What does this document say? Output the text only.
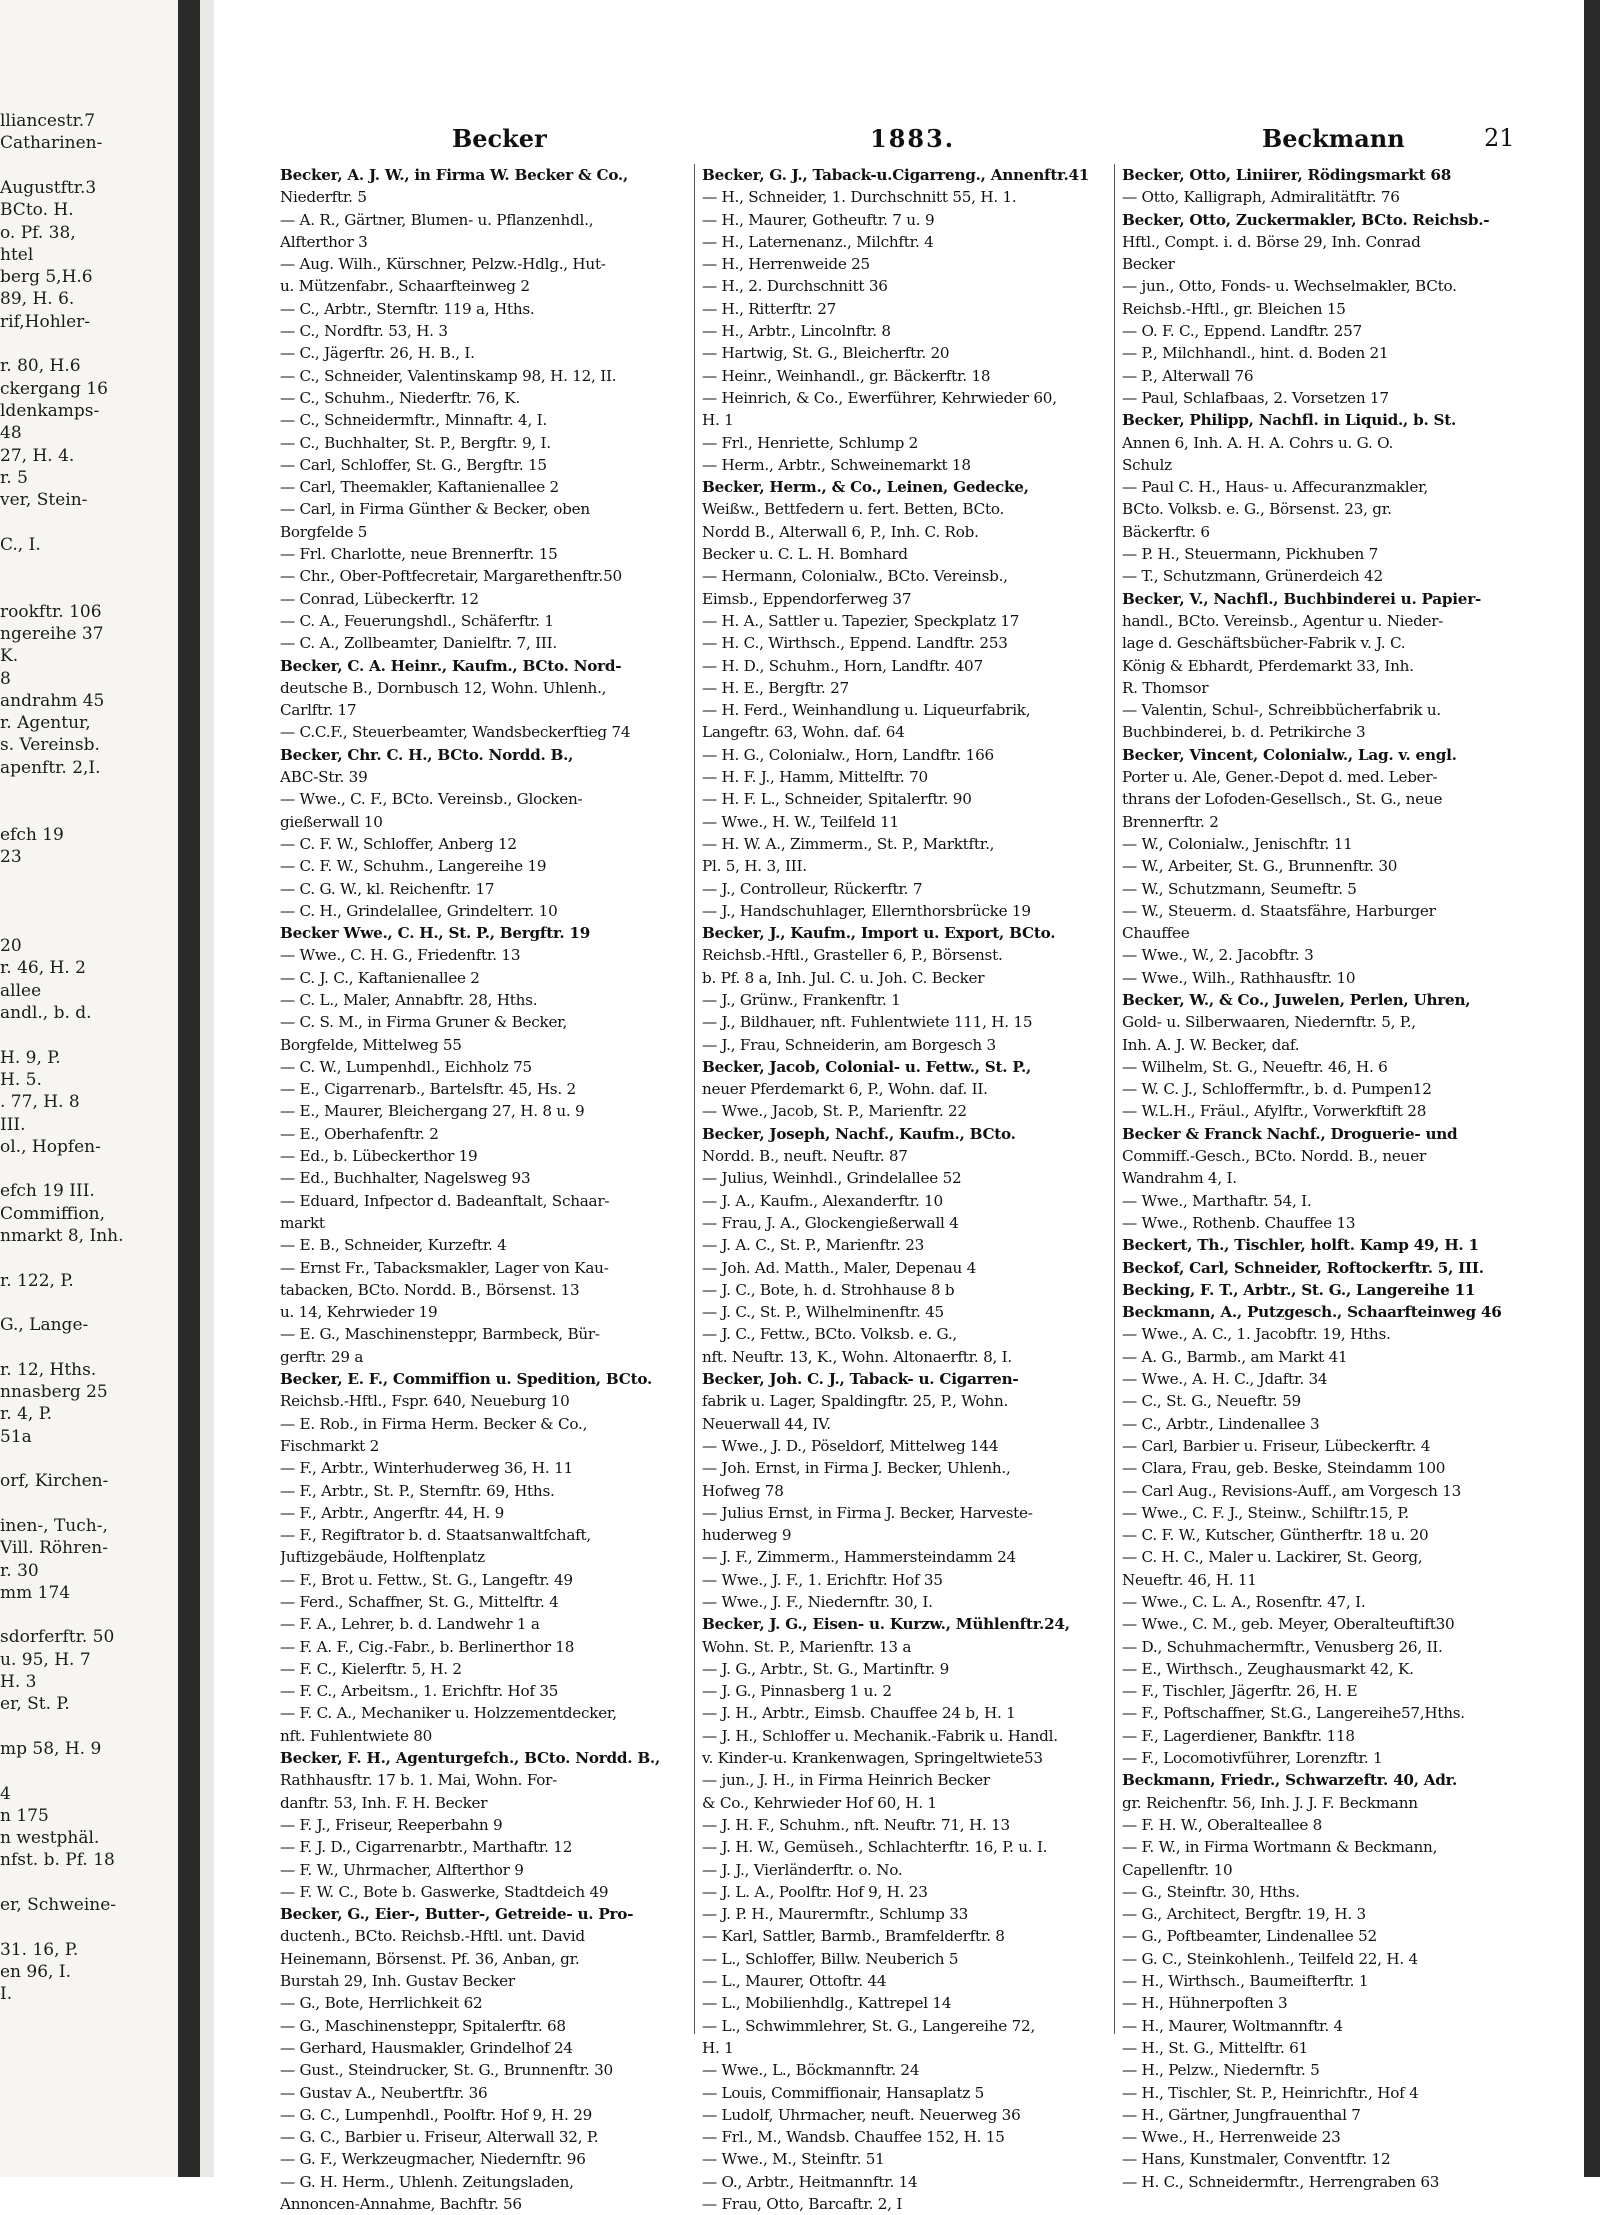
lliancestr.7
Catharinen-
Augustftr.3
BCto. H.
o. Pf. 38,
htel
berg 5,H.6
89, H. 6.
rif,Hohler-
r. 80, H.6
ckergang 16
ldenkamps-
48
27, H. 4.
r. 5
ver, Stein-
C., I.
rookftr. 106
ngereihe 37
K.
8
andrahm 45
r. Agentur,
s. Vereinsb.
apenftr. 2,I.
efch 19
23
20
r. 46, H. 2
allee
andl., b. d.
H. 9, P.
H. 5.
. 77, H. 8
III.
ol., Hopfen-
efch 19 III.
Commiffion,
nmarkt 8, Inh.
r. 122, P.
G., Lange-
r. 12, Hths.
nnasberg 25
r. 4, P.
51a
orf, Kirchen-
inen-, Tuch-,
Vill. Röhren-
r. 30
mm 174
sdorferftr. 50
u. 95, H. 7
H. 3
er, St. P.
mp 58, H. 9
4
n 175
n westphäl.
nfst. b. Pf. 18
er, Schweine-
31. 16, P.
en 96, I.
I.
Becker	1883.	Beckmann	21
Becker, A. J. W., in Firma W. Becker & Co.,
Niederftr. 5
— A. R., Gärtner, Blumen- u. Pflanzenhdl.,
Alfterthor 3
— Aug. Wilh., Kürschner, Pelzw.-Hdlg., Hut-
u. Mützenfabr., Schaarfteinweg 2
— C., Arbtr., Sternftr. 119 a, Hths.
— C., Nordftr. 53, H. 3
— C., Jägerftr. 26, H. B., I.
— C., Schneider, Valentinskamp 98, H. 12, II.
— C., Schuhm., Niederftr. 76, K.
— C., Schneidermftr., Minnaftr. 4, I.
— C., Buchhalter, St. P., Bergftr. 9, I.
— Carl, Schloffer, St. G., Bergftr. 15
— Carl, Theemakler, Kaftanienallee 2
— Carl, in Firma Günther & Becker, oben
Borgfelde 5
— Frl. Charlotte, neue Brennerftr. 15
— Chr., Ober-Poftfecretair, Margarethenftr.50
— Conrad, Lübeckerftr. 12
— C. A., Feuerungshdl., Schäferftr. 1
— C. A., Zollbeamter, Danielftr. 7, III.
Becker, C. A. Heinr., Kaufm., BCto. Nord-
deutsche B., Dornbusch 12, Wohn. Uhlenh.,
Carlftr. 17
— C.C.F., Steuerbeamter, Wandsbeckerftieg 74
Becker, Chr. C. H., BCto. Nordd. B.,
ABC-Str. 39
— Wwe., C. F., BCto. Vereinsb., Glocken-
gießerwall 10
— C. F. W., Schloffer, Anberg 12
— C. F. W., Schuhm., Langereihe 19
— C. G. W., kl. Reichenftr. 17
— C. H., Grindelallee, Grindelterr. 10
Becker Wwe., C. H., St. P., Bergftr. 19
— Wwe., C. H. G., Friedenftr. 13
— C. J. C., Kaftanienallee 2
— C. L., Maler, Annabftr. 28, Hths.
— C. S. M., in Firma Gruner & Becker,
Borgfelde, Mittelweg 55
— C. W., Lumpenhdl., Eichholz 75
— E., Cigarrenarb., Bartelsftr. 45, Hs. 2
— E., Maurer, Bleichergang 27, H. 8 u. 9
— E., Oberhafenftr. 2
— Ed., b. Lübeckerthor 19
— Ed., Buchhalter, Nagelsweg 93
— Eduard, Infpector d. Badeanftalt, Schaar-
markt
— E. B., Schneider, Kurzeftr. 4
— Ernst Fr., Tabacksmakler, Lager von Kau-
tabacken, BCto. Nordd. B., Börsenst. 13
u. 14, Kehrwieder 19
— E. G., Maschinensteppr, Barmbeck, Bür-
gerftr. 29 a
Becker, E. F., Commiffion u. Spedition, BCto.
Reichsb.-Hftl., Fspr. 640, Neueburg 10
— E. Rob., in Firma Herm. Becker & Co.,
Fischmarkt 2
— F., Arbtr., Winterhuderweg 36, H. 11
— F., Arbtr., St. P., Sternftr. 69, Hths.
— F., Arbtr., Angerftr. 44, H. 9
— F., Regiftrator b. d. Staatsanwaltfchaft,
Juftizgebäude, Holftenplatz
— F., Brot u. Fettw., St. G., Langeftr. 49
— Ferd., Schaffner, St. G., Mittelftr. 4
— F. A., Lehrer, b. d. Landwehr 1 a
— F. A. F., Cig.-Fabr., b. Berlinerthor 18
— F. C., Kielerftr. 5, H. 2
— F. C., Arbeitsm., 1. Erichftr. Hof 35
— F. C. A., Mechaniker u. Holzzementdecker,
nft. Fuhlentwiete 80
Becker, F. H., Agenturgefch., BCto. Nordd. B.,
Rathhausftr. 17 b. 1. Mai, Wohn. For-
danftr. 53, Inh. F. H. Becker
— F. J., Friseur, Reeperbahn 9
— F. J. D., Cigarrenarbtr., Marthaftr. 12
— F. W., Uhrmacher, Alfterthor 9
— F. W. C., Bote b. Gaswerke, Stadtdeich 49
Becker, G., Eier-, Butter-, Getreide- u. Pro-
ductenh., BCto. Reichsb.-Hftl. unt. David
Heinemann, Börsenst. Pf. 36, Anban, gr.
Burstah 29, Inh. Gustav Becker
— G., Bote, Herrlichkeit 62
— G., Maschinensteppr, Spitalerftr. 68
— Gerhard, Hausmakler, Grindelhof 24
— Gust., Steindrucker, St. G., Brunnenftr. 30
— Gustav A., Neubertftr. 36
— G. C., Lumpenhdl., Poolftr. Hof 9, H. 29
— G. C., Barbier u. Friseur, Alterwall 32, P.
— G. F., Werkzeugmacher, Niedernftr. 96
— G. H. Herm., Uhlenh. Zeitungsladen,
Annoncen-Annahme, Bachftr. 56
Becker, G. J., Taback-u.Cigarreng., Annenftr.41
— H., Schneider, 1. Durchschnitt 55, H. 1.
— H., Maurer, Gotheuftr. 7 u. 9
— H., Laternenanz., Milchftr. 4
— H., Herrenweide 25
— H., 2. Durchschnitt 36
— H., Ritterftr. 27
— H., Arbtr., Lincolnftr. 8
— Hartwig, St. G., Bleicherftr. 20
— Heinr., Weinhandl., gr. Bäckerftr. 18
— Heinrich, & Co., Ewerführer, Kehrwieder 60,
H. 1
— Frl., Henriette, Schlump 2
— Herm., Arbtr., Schweinemarkt 18
Becker, Herm., & Co., Leinen, Gedecke,
Weißw., Bettfedern u. fert. Betten, BCto.
Nordd B., Alterwall 6, P., Inh. C. Rob.
Becker u. C. L. H. Bomhard
— Hermann, Colonialw., BCto. Vereinsb.,
Eimsb., Eppendorferweg 37
— H. A., Sattler u. Tapezier, Speckplatz 17
— H. C., Wirthsch., Eppend. Landftr. 253
— H. D., Schuhm., Horn, Landftr. 407
— H. E., Bergftr. 27
— H. Ferd., Weinhandlung u. Liqueurfabrik,
Langeftr. 63, Wohn. daf. 64
— H. G., Colonialw., Horn, Landftr. 166
— H. F. J., Hamm, Mittelftr. 70
— H. F. L., Schneider, Spitalerftr. 90
— Wwe., H. W., Teilfeld 11
— H. W. A., Zimmerm., St. P., Marktftr.,
Pl. 5, H. 3, III.
— J., Controlleur, Rückerftr. 7
— J., Handschuhlager, Ellernthorsbrücke 19
Becker, J., Kaufm., Import u. Export, BCto.
Reichsb.-Hftl., Grasteller 6, P., Börsenst.
b. Pf. 8 a, Inh. Jul. C. u. Joh. C. Becker
— J., Grünw., Frankenftr. 1
— J., Bildhauer, nft. Fuhlentwiete 111, H. 15
— J., Frau, Schneiderin, am Borgesch 3
Becker, Jacob, Colonial- u. Fettw., St. P.,
neuer Pferdemarkt 6, P., Wohn. daf. II.
— Wwe., Jacob, St. P., Marienftr. 22
Becker, Joseph, Nachf., Kaufm., BCto.
Nordd. B., neuft. Neuftr. 87
— Julius, Weinhdl., Grindelallee 52
— J. A., Kaufm., Alexanderftr. 10
— Frau, J. A., Glockengießerwall 4
— J. A. C., St. P., Marienftr. 23
— Joh. Ad. Matth., Maler, Depenau 4
— J. C., Bote, h. d. Strohhause 8 b
— J. C., St. P., Wilhelminenftr. 45
— J. C., Fettw., BCto. Volksb. e. G.,
nft. Neuftr. 13, K., Wohn. Altonaerftr. 8, I.
Becker, Joh. C. J., Taback- u. Cigarren-
fabrik u. Lager, Spaldingftr. 25, P., Wohn.
Neuerwall 44, IV.
— Wwe., J. D., Pöseldorf, Mittelweg 144
— Joh. Ernst, in Firma J. Becker, Uhlenh.,
Hofweg 78
— Julius Ernst, in Firma J. Becker, Harveste-
huderweg 9
— J. F., Zimmerm., Hammersteindamm 24
— Wwe., J. F., 1. Erichftr. Hof 35
— Wwe., J. F., Niedernftr. 30, I.
Becker, J. G., Eisen- u. Kurzw., Mühlenftr.24,
Wohn. St. P., Marienftr. 13 a
— J. G., Arbtr., St. G., Martinftr. 9
— J. G., Pinnasberg 1 u. 2
— J. H., Arbtr., Eimsb. Chauffee 24 b, H. 1
— J. H., Schloffer u. Mechanik.-Fabrik u. Handl.
v. Kinder-u. Krankenwagen, Springeltwiete53
— jun., J. H., in Firma Heinrich Becker
& Co., Kehrwieder Hof 60, H. 1
— J. H. F., Schuhm., nft. Neuftr. 71, H. 13
— J. H. W., Gemüseh., Schlachterftr. 16, P. u. I.
— J. J., Vierländerftr. o. No.
— J. L. A., Poolftr. Hof 9, H. 23
— J. P. H., Maurermftr., Schlump 33
— Karl, Sattler, Barmb., Bramfelderftr. 8
— L., Schloffer, Billw. Neuberich 5
— L., Maurer, Ottoftr. 44
— L., Mobilienhdlg., Kattrepel 14
— L., Schwimmlehrer, St. G., Langereihe 72,
H. 1
— Wwe., L., Böckmannftr. 24
— Louis, Commiffionair, Hansaplatz 5
— Ludolf, Uhrmacher, neuft. Neuerweg 36
— Frl., M., Wandsb. Chauffee 152, H. 15
— Wwe., M., Steinftr. 51
— O., Arbtr., Heitmannftr. 14
— Frau, Otto, Barcaftr. 2, I
Becker, Otto, Liniirer, Rödingsmarkt 68
— Otto, Kalligraph, Admiralitätftr. 76
Becker, Otto, Zuckermakler, BCto. Reichsb.-
Hftl., Compt. i. d. Börse 29, Inh. Conrad
Becker
— jun., Otto, Fonds- u. Wechselmakler, BCto.
Reichsb.-Hftl., gr. Bleichen 15
— O. F. C., Eppend. Landftr. 257
— P., Milchhandl., hint. d. Boden 21
— P., Alterwall 76
— Paul, Schlafbaas, 2. Vorsetzen 17
Becker, Philipp, Nachfl. in Liquid., b. St.
Annen 6, Inh. A. H. A. Cohrs u. G. O.
Schulz
— Paul C. H., Haus- u. Affecuranzmakler,
BCto. Volksb. e. G., Börsenst. 23, gr.
Bäckerftr. 6
— P. H., Steuermann, Pickhuben 7
— T., Schutzmann, Grünerdeich 42
Becker, V., Nachfl., Buchbinderei u. Papier-
handl., BCto. Vereinsb., Agentur u. Nieder-
lage d. Geschäftsbücher-Fabrik v. J. C.
König & Ebhardt, Pferdemarkt 33, Inh.
R. Thomsor
— Valentin, Schul-, Schreibbücherfabrik u.
Buchbinderei, b. d. Petrikirche 3
Becker, Vincent, Colonialw., Lag. v. engl.
Porter u. Ale, Gener.-Depot d. med. Leber-
thrans der Lofoden-Gesellsch., St. G., neue
Brennerftr. 2
— W., Colonialw., Jenischftr. 11
— W., Arbeiter, St. G., Brunnenftr. 30
— W., Schutzmann, Seumeftr. 5
— W., Steuerm. d. Staatsfähre, Harburger
Chauffee
— Wwe., W., 2. Jacobftr. 3
— Wwe., Wilh., Rathhausftr. 10
Becker, W., & Co., Juwelen, Perlen, Uhren,
Gold- u. Silberwaaren, Niedernftr. 5, P.,
Inh. A. J. W. Becker, daf.
— Wilhelm, St. G., Neueftr. 46, H. 6
— W. C. J., Schloffermftr., b. d. Pumpen12
— W.L.H., Fräul., Afylftr., Vorwerkftift 28
Becker & Franck Nachf., Droguerie- und
Commiff.-Gesch., BCto. Nordd. B., neuer
Wandrahm 4, I.
— Wwe., Marthaftr. 54, I.
— Wwe., Rothenb. Chauffee 13
Beckert, Th., Tischler, holft. Kamp 49, H. 1
Beckof, Carl, Schneider, Roftockerftr. 5, III.
Becking, F. T., Arbtr., St. G., Langereihe 11
Beckmann, A., Putzgesch., Schaarfteinweg 46
— Wwe., A. C., 1. Jacobftr. 19, Hths.
— A. G., Barmb., am Markt 41
— Wwe., A. H. C., Jdaftr. 34
— C., St. G., Neueftr. 59
— C., Arbtr., Lindenallee 3
— Carl, Barbier u. Friseur, Lübeckerftr. 4
— Clara, Frau, geb. Beske, Steindamm 100
— Carl Aug., Revisions-Auff., am Vorgesch 13
— Wwe., C. F. J., Steinw., Schilftr.15, P.
— C. F. W., Kutscher, Güntherftr. 18 u. 20
— C. H. C., Maler u. Lackirer, St. Georg,
Neueftr. 46, H. 11
— Wwe., C. L. A., Rosenftr. 47, I.
— Wwe., C. M., geb. Meyer, Oberalteuftift30
— D., Schuhmachermftr., Venusberg 26, II.
— E., Wirthsch., Zeughausmarkt 42, K.
— F., Tischler, Jägerftr. 26, H. E
— F., Poftschaffner, St.G., Langereihe57,Hths.
— F., Lagerdiener, Bankftr. 118
— F., Locomotivführer, Lorenzftr. 1
Beckmann, Friedr., Schwarzeftr. 40, Adr.
gr. Reichenftr. 56, Inh. J. J. F. Beckmann
— F. H. W., Oberalteallee 8
— F. W., in Firma Wortmann & Beckmann,
Capellenftr. 10
— G., Steinftr. 30, Hths.
— G., Architect, Bergftr. 19, H. 3
— G., Poftbeamter, Lindenallee 52
— G. C., Steinkohlenh., Teilfeld 22, H. 4
— H., Wirthsch., Baumeifterftr. 1
— H., Hühnerpoften 3
— H., Maurer, Woltmannftr. 4
— H., St. G., Mittelftr. 61
— H., Pelzw., Niedernftr. 5
— H., Tischler, St. P., Heinrichftr., Hof 4
— H., Gärtner, Jungfrauenthal 7
— Wwe., H., Herrenweide 23
— Hans, Kunstmaler, Conventftr. 12
— H. C., Schneidermftr., Herrengraben 63
